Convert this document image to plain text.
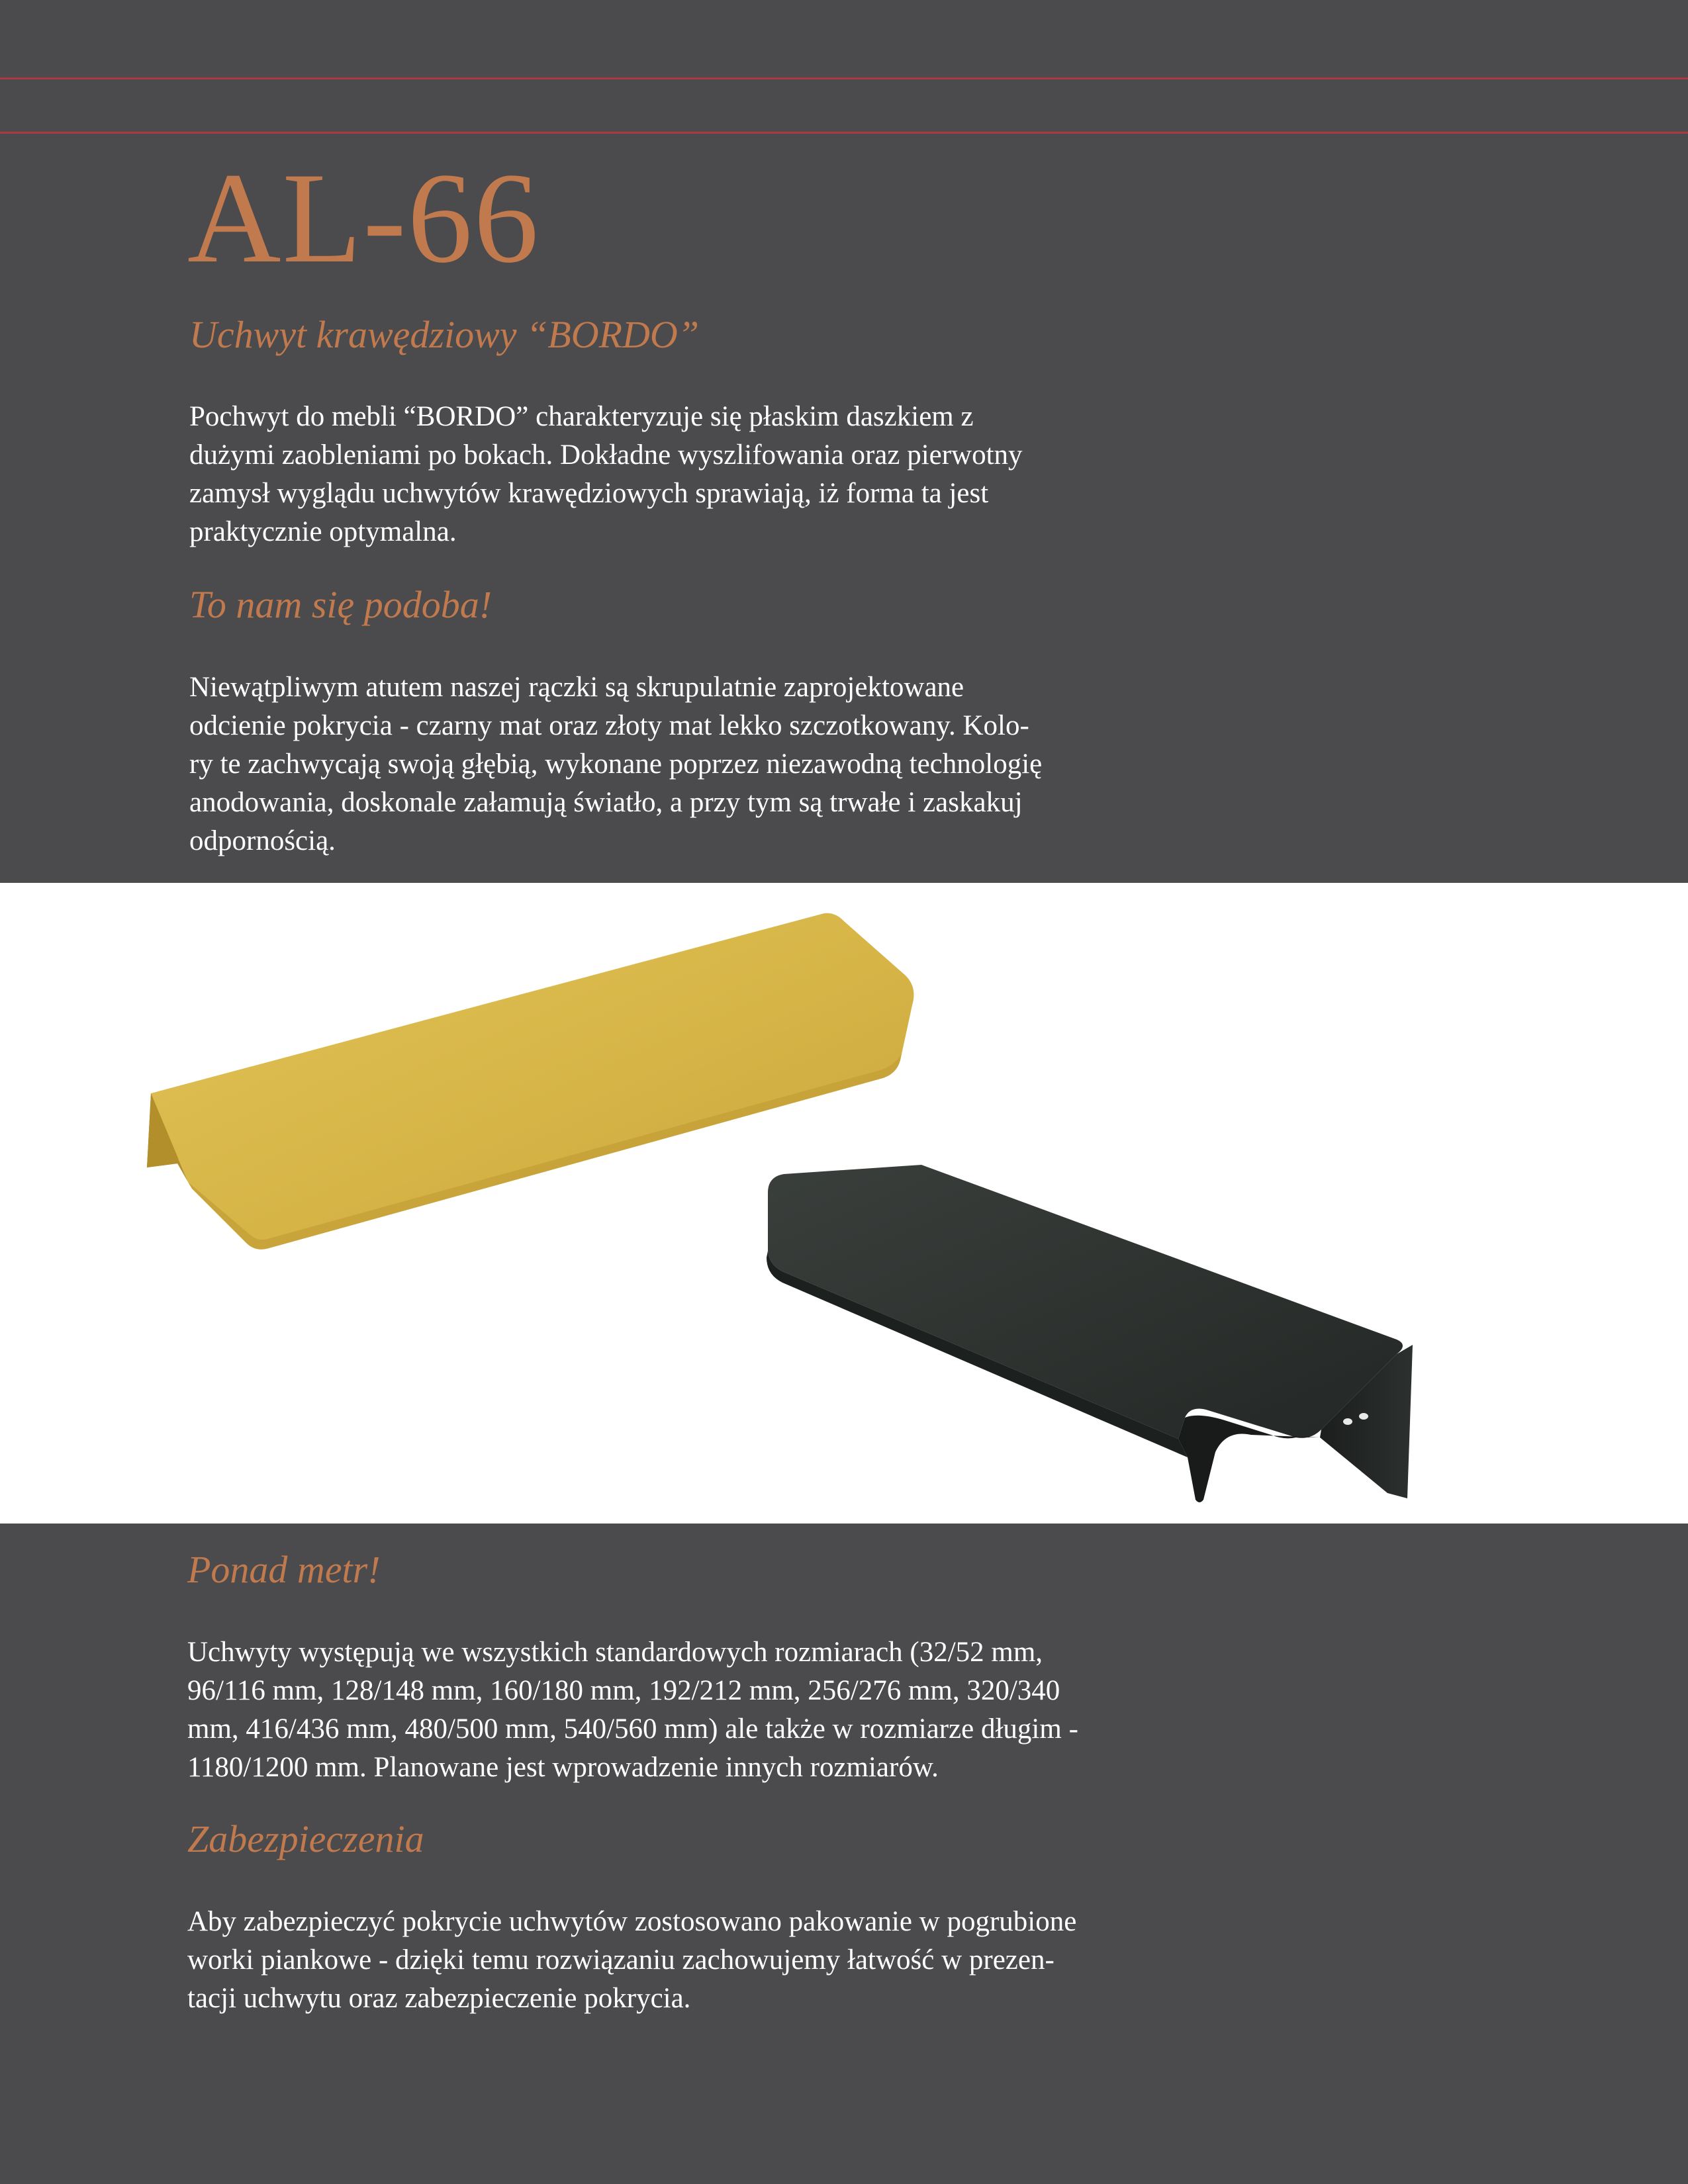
AL-66
Uchwyt krawędziowy “BORDO”

Pochwyt do mebli “BORDO” charakteryzuje się płaskim daszkiem z
dużymi zaobleniami po bokach. Dokładne wyszlifowania oraz pierwotny
zamysł wyglądu uchwytów krawędziowych sprawiają, iż forma ta jest
praktycznie optymalna.

To nam się podoba!

Niewątpliwym atutem naszej rączki są skrupulatnie zaprojektowane
odcienie pokrycia - czarny mat oraz złoty mat lekko szczotkowany. Kolo-
ry te zachwycają swoją głębią, wykonane poprzez niezawodną technologię
anodowania, doskonale załamują światło, a przy tym są trwałe i zaskakuj
odpornością.

Ponad metr!

Uchwyty występują we wszystkich standardowych rozmiarach (32/52 mm,
96/116 mm, 128/148 mm, 160/180 mm, 192/212 mm, 256/276 mm, 320/340
mm, 416/436 mm, 480/500 mm, 540/560 mm) ale także w rozmiarze długim -
1180/1200 mm. Planowane jest wprowadzenie innych rozmiarów.

Zabezpieczenia

Aby zabezpieczyć pokrycie uchwytów zostosowano pakowanie w pogrubione
worki piankowe - dzięki temu rozwiązaniu zachowujemy łatwość w prezen-
tacji uchwytu oraz zabezpieczenie pokrycia.
